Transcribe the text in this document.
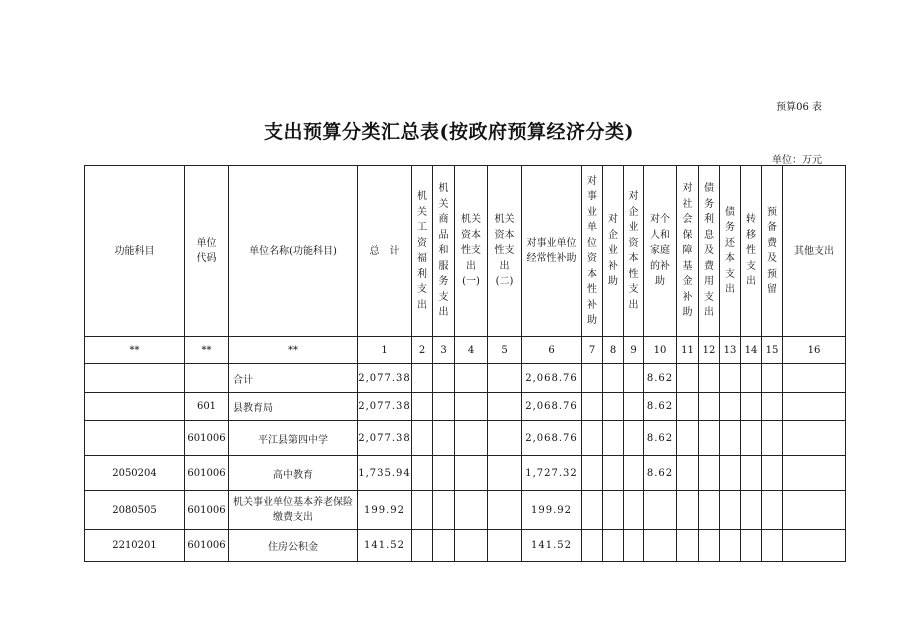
预算06 表
支出预算分类汇总表(按政府预算经济分类)
单位：万元
功能科目	单位代码	单位名称(功能科目)	总　计	机关工资福利支出	机关商品和服务支出	机关资本性支出(一)	机关资本性支出(二)	对事业单位经常性补助	对事业单位资本性补助	对企业补助	对企业资本性支出	对个人和家庭的补助	对社会保障基金补助	债务利息及费用支出	债务还本支出	转移性支出	预备费及预留	其他支出
**	**	**	1	2	3	4	5	6	7	8	9	10	11	12	13	14	15	16
		合计	2,077.38					2,068.76				8.62						
	601	县教育局	2,077.38					2,068.76				8.62						
	601006	平江县第四中学	2,077.38					2,068.76				8.62						
2050204	601006	高中教育	1,735.94					1,727.32				8.62						
2080505	601006	机关事业单位基本养老保险缴费支出	199.92					199.92										
2210201	601006	住房公积金	141.52					141.52										
